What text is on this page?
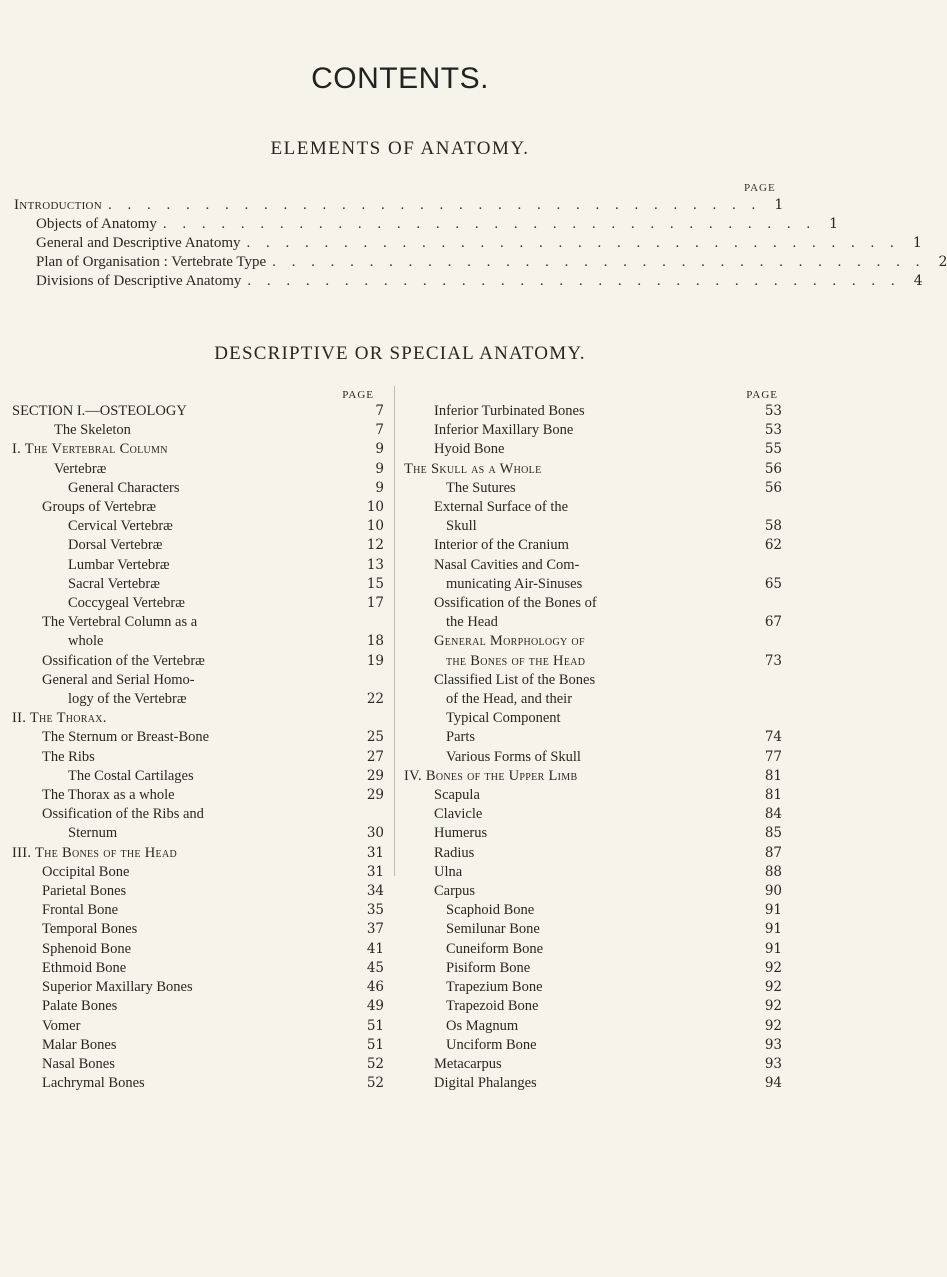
CONTENTS.
ELEMENTS OF ANATOMY.
PAGE
Introduction . . . . . . . . . . . . . . . . . . . . . . . . . . . . . . . . . . 1
Objects of Anatomy . . . . . . . . . . . . . . . . . . . . . . . . . . . . . . . . . . 1
General and Descriptive Anatomy . . . . . . . . . . . . . . . . . . . . . . . . . . . . . . . . . . 1
Plan of Organisation : Vertebrate Type . . . . . . . . . . . . . . . . . . . . . . . . . . . . . . . . . . 2
Divisions of Descriptive Anatomy . . . . . . . . . . . . . . . . . . . . . . . . . . . . . . . . . . 4
DESCRIPTIVE OR SPECIAL ANATOMY.
PAGE
SECTION I.—OSTEOLOGY	7
The Skeleton	7
I. The Vertebral Column	9
Vertebræ	9
General Characters	9
Groups of Vertebræ	10
Cervical Vertebræ	10
Dorsal Vertebræ	12
Lumbar Vertebræ	13
Sacral Vertebræ	15
Coccygeal Vertebræ	17
The Vertebral Column as a
whole	18
Ossification of the Vertebræ	19
General and Serial Homo-
logy of the Vertebræ	22
II. The Thorax.
The Sternum or Breast-Bone	25
The Ribs	27
The Costal Cartilages	29
The Thorax as a whole	29
Ossification of the Ribs and
Sternum	30
III. The Bones of the Head	31
Occipital Bone	31
Parietal Bones	34
Frontal Bone	35
Temporal Bones	37
Sphenoid Bone	41
Ethmoid Bone	45
Superior Maxillary Bones	46
Palate Bones	49
Vomer	51
Malar Bones	51
Nasal Bones	52
Lachrymal Bones	52
PAGE
Inferior Turbinated Bones	53
Inferior Maxillary Bone	53
Hyoid Bone	55
The Skull as a Whole	56
The Sutures	56
External Surface of the
Skull	58
Interior of the Cranium	62
Nasal Cavities and Com-
municating Air-Sinuses	65
Ossification of the Bones of
the Head	67
General Morphology of
the Bones of the Head	73
Classified List of the Bones
of the Head, and their
Typical Component
Parts	74
Various Forms of Skull	77
IV. Bones of the Upper Limb	81
Scapula	81
Clavicle	84
Humerus	85
Radius	87
Ulna	88
Carpus	90
Scaphoid Bone	91
Semilunar Bone	91
Cuneiform Bone	91
Pisiform Bone	92
Trapezium Bone	92
Trapezoid Bone	92
Os Magnum	92
Unciform Bone	93
Metacarpus	93
Digital Phalanges	94
